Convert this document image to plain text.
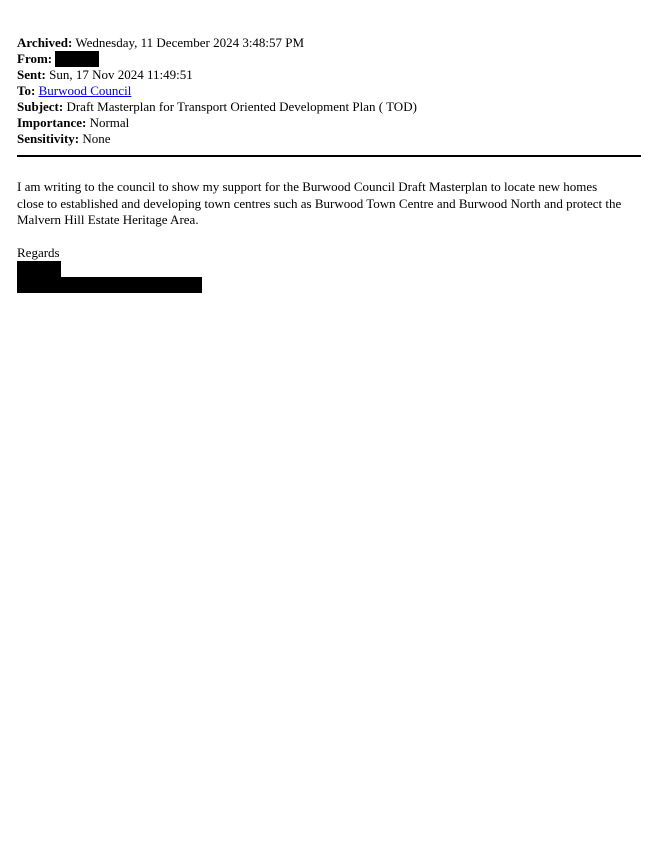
Archived: Wednesday, 11 December 2024 3:48:57 PM
From:
Sent: Sun, 17 Nov 2024 11:49:51
To: Burwood Council
Subject: Draft Masterplan for Transport Oriented Development Plan ( TOD)
Importance: Normal
Sensitivity: None
I am writing to the council to show my support for the Burwood Council Draft Masterplan to locate new homes close to established and developing town centres such as Burwood Town Centre and Burwood North and protect the Malvern Hill Estate Heritage Area.
Regards
